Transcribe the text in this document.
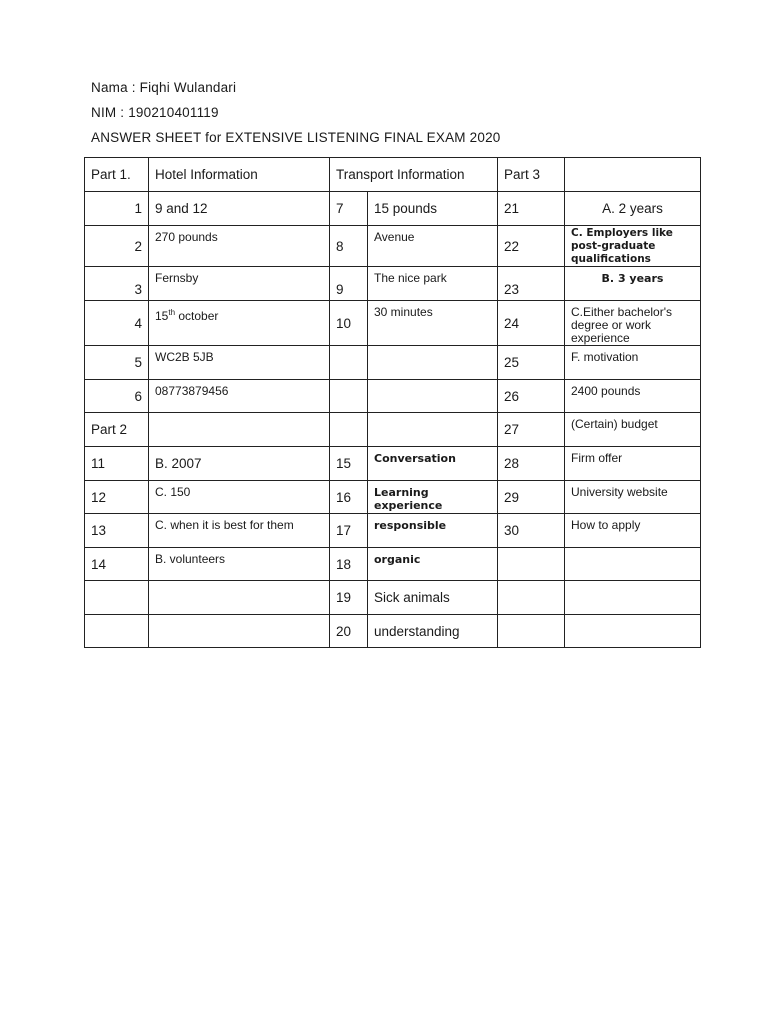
Nama : Fiqhi Wulandari
NIM : 190210401119
ANSWER SHEET for EXTENSIVE LISTENING FINAL EXAM 2020
Part 1.	Hotel Information	Transport Information		Part 3	
1	9 and 12	7	15 pounds	21	A. 2 years
2	270 pounds	8	Avenue	22	C. Employers like post-graduate qualifications
3	Fernsby	9	The nice park	23	B. 3 years
4	15th october	10	30 minutes	24	C.Either bachelor's degree or work experience
5	WC2B 5JB			25	F. motivation
6	08773879456			26	2400 pounds
Part 2				27	(Certain) budget
11	B. 2007	15	Conversation	28	Firm offer
12	C. 150	16	Learning experience	29	University website
13	C. when it is best for them	17	responsible	30	How to apply
14	B. volunteers	18	organic		
		19	Sick animals		
		20	understanding		
